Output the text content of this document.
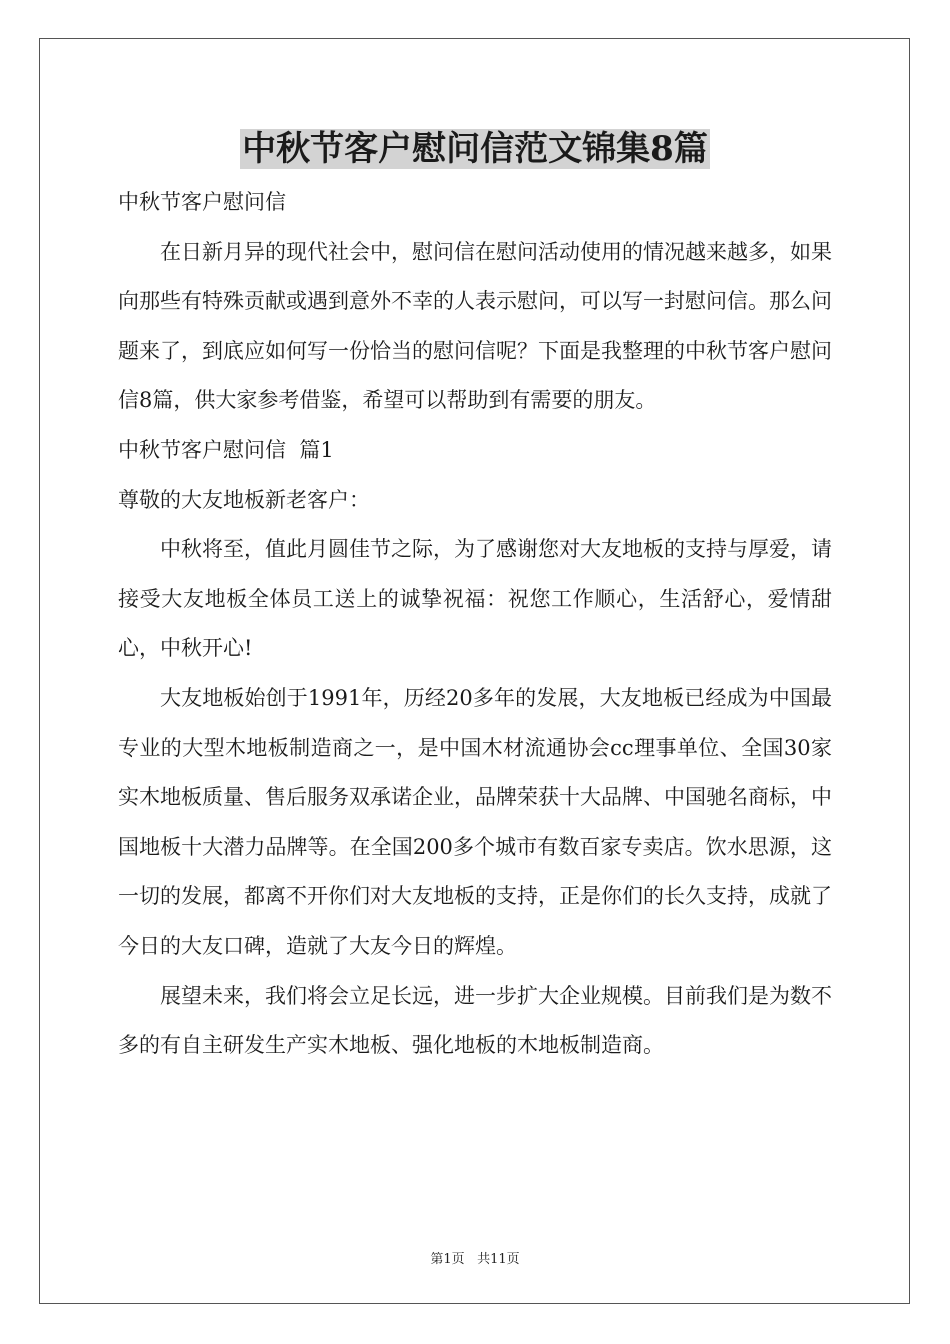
中秋节客户慰问信范文锦集8篇

中秋节客户慰问信

在日新月异的现代社会中，慰问信在慰问活动使用的情况越来越多，如果向那些有特殊贡献或遇到意外不幸的人表示慰问，可以写一封慰问信。那么问题来了，到底应如何写一份恰当的慰问信呢？下面是我整理的中秋节客户慰问信8篇，供大家参考借鉴，希望可以帮助到有需要的朋友。

中秋节客户慰问信  篇1

尊敬的大友地板新老客户：

中秋将至，值此月圆佳节之际，为了感谢您对大友地板的支持与厚爱，请接受大友地板全体员工送上的诚挚祝福：祝您工作顺心，生活舒心，爱情甜心，中秋开心!

大友地板始创于1991年，历经20多年的发展，大友地板已经成为中国最专业的大型木地板制造商之一，是中国木材流通协会cc理事单位、全国30家实木地板质量、售后服务双承诺企业，品牌荣获十大品牌、中国驰名商标，中国地板十大潜力品牌等。在全国200多个城市有数百家专卖店。饮水思源，这一切的发展，都离不开你们对大友地板的支持，正是你们的长久支持，成就了今日的大友口碑，造就了大友今日的辉煌。

展望未来，我们将会立足长远，进一步扩大企业规模。目前我们是为数不多的有自主研发生产实木地板、强化地板的木地板制造商。

第1页 共11页
